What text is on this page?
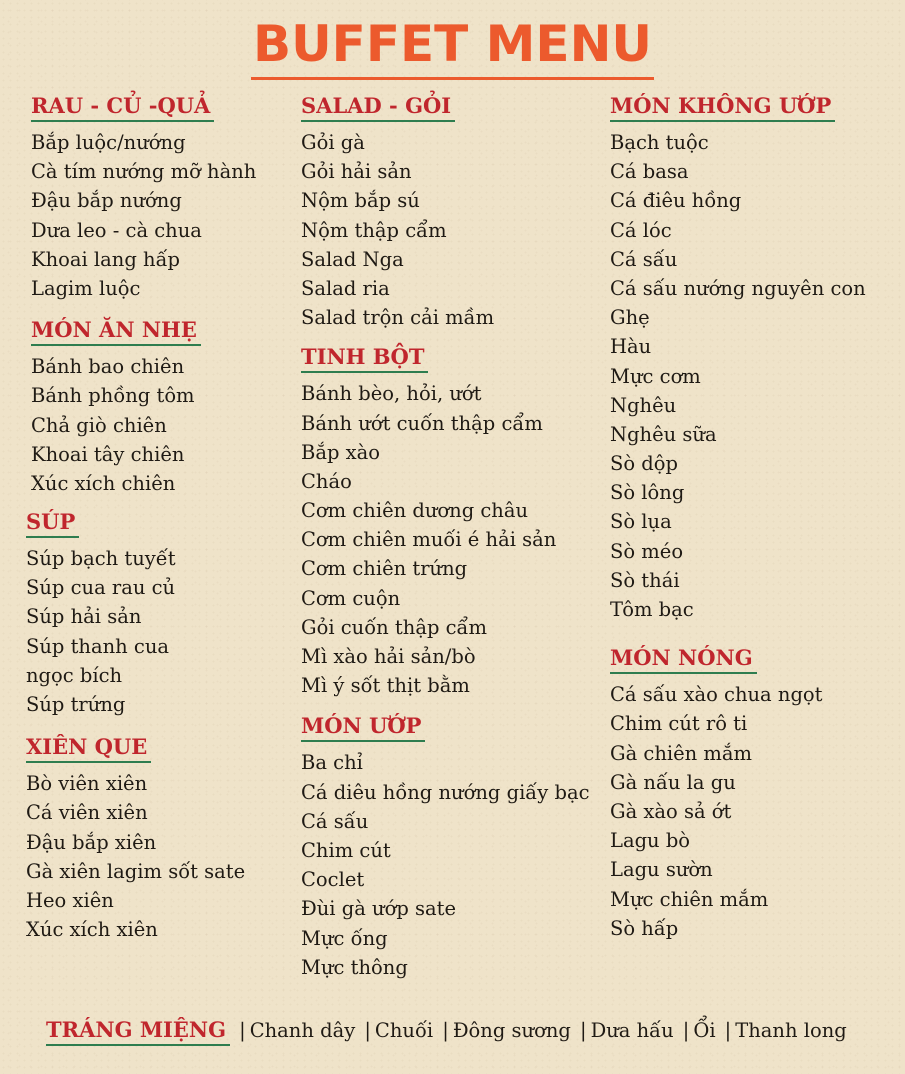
BUFFET MENU
RAU - CỦ -QUẢ
Bắp luộc/nướng
Cà tím nướng mỡ hành
Đậu bắp nướng
Dưa leo - cà chua
Khoai lang hấp
Lagim luộc
MÓN ĂN NHẸ
Bánh bao chiên
Bánh phồng tôm
Chả giò chiên
Khoai tây chiên
Xúc xích chiên
SÚP
Súp bạch tuyết
Súp cua rau củ
Súp hải sản
Súp thanh cua
ngọc bích
Súp trứng
XIÊN QUE
Bò viên xiên
Cá viên xiên
Đậu bắp xiên
Gà xiên lagim sốt sate
Heo xiên
Xúc xích xiên
SALAD - GỎI
Gỏi gà
Gỏi hải sản
Nộm bắp sú
Nộm thập cẩm
Salad Nga
Salad ria
Salad trộn cải mầm
TINH BỘT
Bánh bèo, hỏi, ướt
Bánh ướt cuốn thập cẩm
Bắp xào
Cháo
Cơm chiên dương châu
Cơm chiên muối é hải sản
Cơm chiên trứng
Cơm cuộn
Gỏi cuốn thập cẩm
Mì xào hải sản/bò
Mì ý sốt thịt bằm
MÓN ƯỚP
Ba chỉ
Cá diêu hồng nướng giấy bạc
Cá sấu
Chim cút
Coclet
Đùi gà ướp sate
Mực ống
Mực thông
MÓN KHÔNG ƯỚP
Bạch tuộc
Cá basa
Cá điêu hồng
Cá lóc
Cá sấu
Cá sấu nướng nguyên con
Ghẹ
Hàu
Mực cơm
Nghêu
Nghêu sữa
Sò dộp
Sò lông
Sò lụa
Sò méo
Sò thái
Tôm bạc
MÓN NÓNG
Cá sấu xào chua ngọt
Chim cút rô ti
Gà chiên mắm
Gà nấu la gu
Gà xào sả ớt
Lagu bò
Lagu sườn
Mực chiên mắm
Sò hấp
TRÁNG MIỆNG | Chanh dây | Chuối | Đông sương | Dưa hấu | Ổi | Thanh long
